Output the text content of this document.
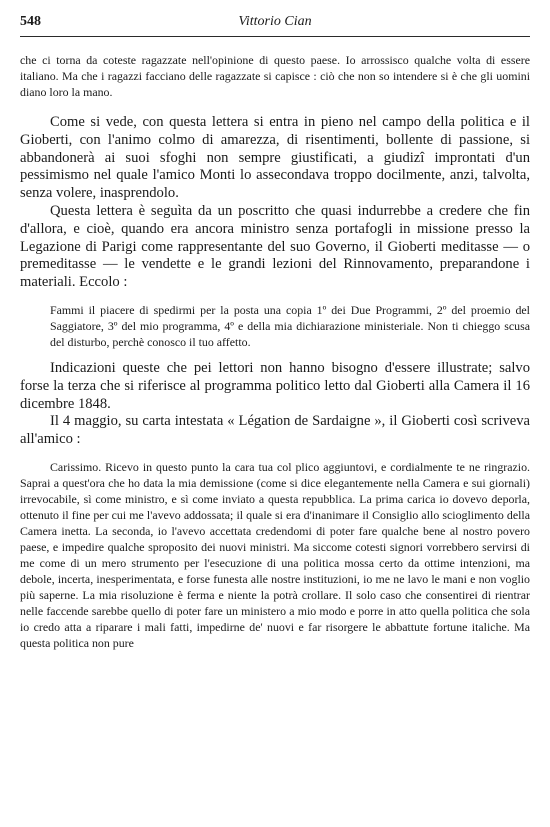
548	Vittorio Cian

che ci torna da coteste ragazzate nell'opinione di questo paese. Io arrossisco qualche volta di essere italiano. Ma che i ragazzi facciano delle ragazzate si capisce : ciò che non so intendere si è che gli uomini diano loro la mano.

Come si vede, con questa lettera si entra in pieno nel campo della politica e il Gioberti, con l'animo colmo di amarezza, di risentimenti, bollente di passione, si abbandonerà ai suoi sfoghi non sempre giustificati, a giudizî improntati d'un pessimismo nel quale l'amico Monti lo assecondava troppo docilmente, anzi, talvolta, senza volere, inasprendolo.

Questa lettera è seguìta da un poscritto che quasi indurrebbe a credere che fin d'allora, e cioè, quando era ancora ministro senza portafogli in missione presso la Legazione di Parigi come rappresentante del suo Governo, il Gioberti meditasse — o premeditasse — le vendette e le grandi lezioni del Rinnovamento, preparandone i materiali. Eccolo :

Fammi il piacere di spedirmi per la posta una copia 1º dei Due Programmi, 2º del proemio del Saggiatore, 3º del mio programma, 4º e della mia dichiarazione ministeriale. Non ti chieggo scusa del disturbo, perchè conosco il tuo affetto.

Indicazioni queste che pei lettori non hanno bisogno d'essere illustrate; salvo forse la terza che si riferisce al programma politico letto dal Gioberti alla Camera il 16 dicembre 1848.

Il 4 maggio, su carta intestata « Légation de Sardaigne », il Gioberti così scriveva all'amico :

Carissimo. Ricevo in questo punto la cara tua col plico aggiuntovi, e cordialmente te ne ringrazio. Saprai a quest'ora che ho data la mia demissione (come si dice elegantemente nella Camera e sui giornali) irrevocabile, sì come ministro, e sì come inviato a questa repubblica. La prima carica io dovevo deporla, ottenuto il fine per cui me l'avevo addossata; il quale si era d'inanimare il Consiglio allo scioglimento della Camera inetta. La seconda, io l'avevo accettata credendomi di poter fare qualche bene al nostro povero paese, e impedire qualche sproposito dei nuovi ministri. Ma siccome cotesti signori vorrebbero servirsi di me come di un mero strumento per l'esecuzione di una politica mossa certo da ottime intenzioni, ma debole, incerta, inesperimentata, e forse funesta alle nostre instituzioni, io me ne lavo le mani e non voglio più saperne. La mia risoluzione è ferma e niente la potrà crollare. Il solo caso che consentirei di rientrar nelle faccende sarebbe quello di poter fare un ministero a mio modo e porre in atto quella politica che sola io credo atta a riparare i mali fatti, impedirne de' nuovi e far risorgere le abbattute fortune italiche. Ma questa politica non pure
